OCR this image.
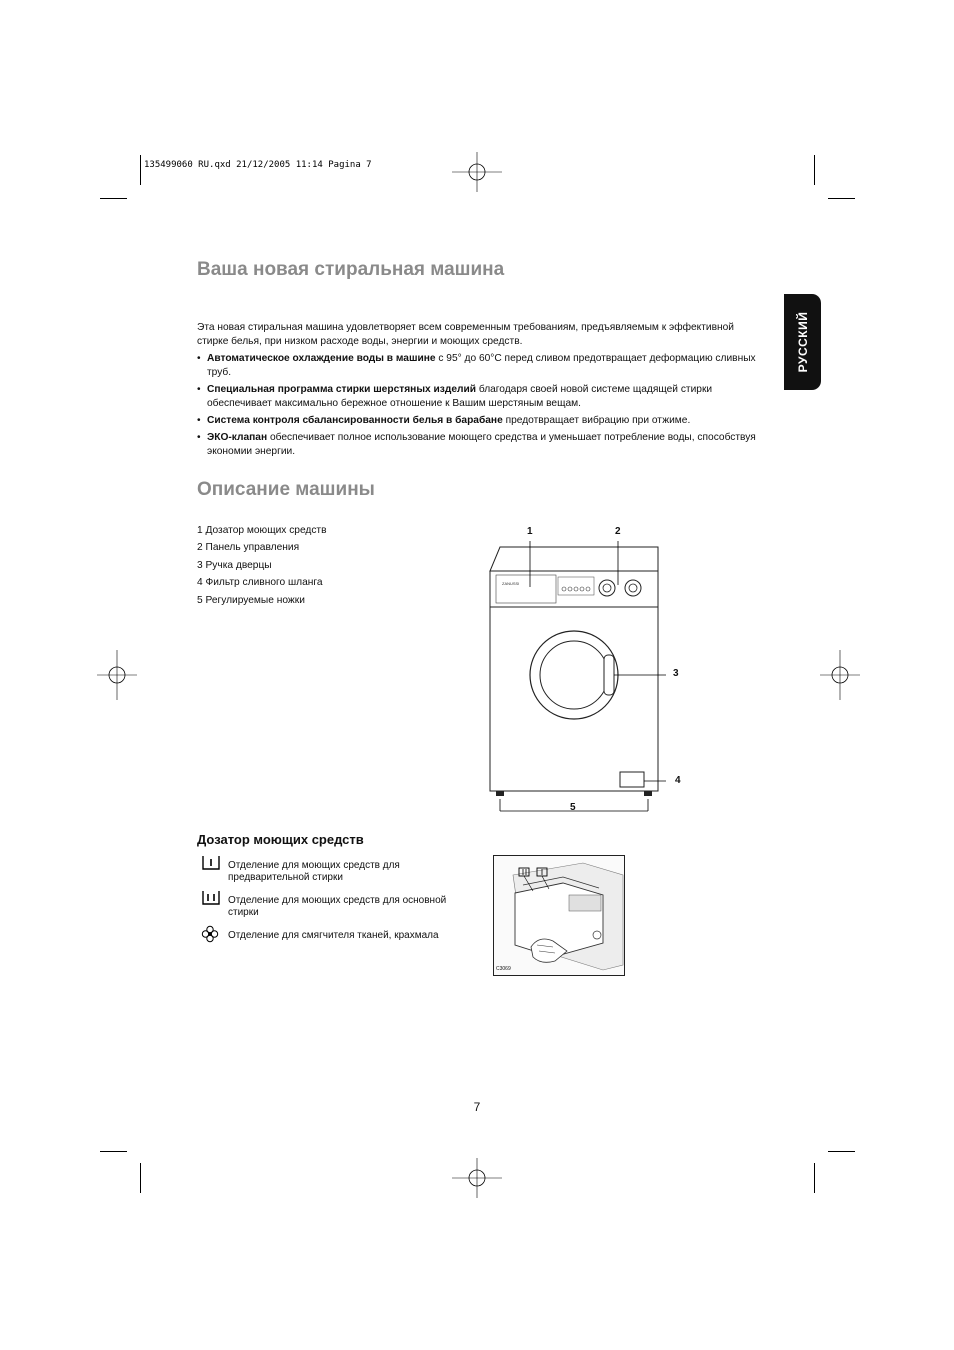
135499060 RU.qxd 21/12/2005 11:14 Pagina 7
РУССКИЙ
Ваша новая стиральная машина

Эта новая стиральная машина удовлетворяет всем современным требованиям, предъявляемым к эффективной стирке белья, при низком расходе воды, энергии и моющих средств.

• Автоматическое охлаждение воды в машине с 95° до 60°С перед сливом предотвращает деформацию сливных труб.
• Специальная программа стирки шерстяных изделий благодаря своей новой системе щадящей стирки обеспечивает максимально бережное отношение к Вашим шерстяным вещам.
• Система контроля сбалансированности белья в барабане предотвращает вибрацию при отжиме.
• ЭКО-клапан обеспечивает полное использование моющего средства и уменьшает потребление воды, способствуя экономии энергии.
Описание машины
1 Дозатор моющих средств
2 Панель управления
3 Ручка дверцы
4 Фильтр сливного шланга
5 Регулируемые ножки
ZANUSSI
1	2
3
4
5
Дозатор моющих средств
Отделение для моющих средств для предварительной стирки
Отделение для моющих средств для основной стирки
Отделение для смягчителя тканей, крахмала
C3069
7
